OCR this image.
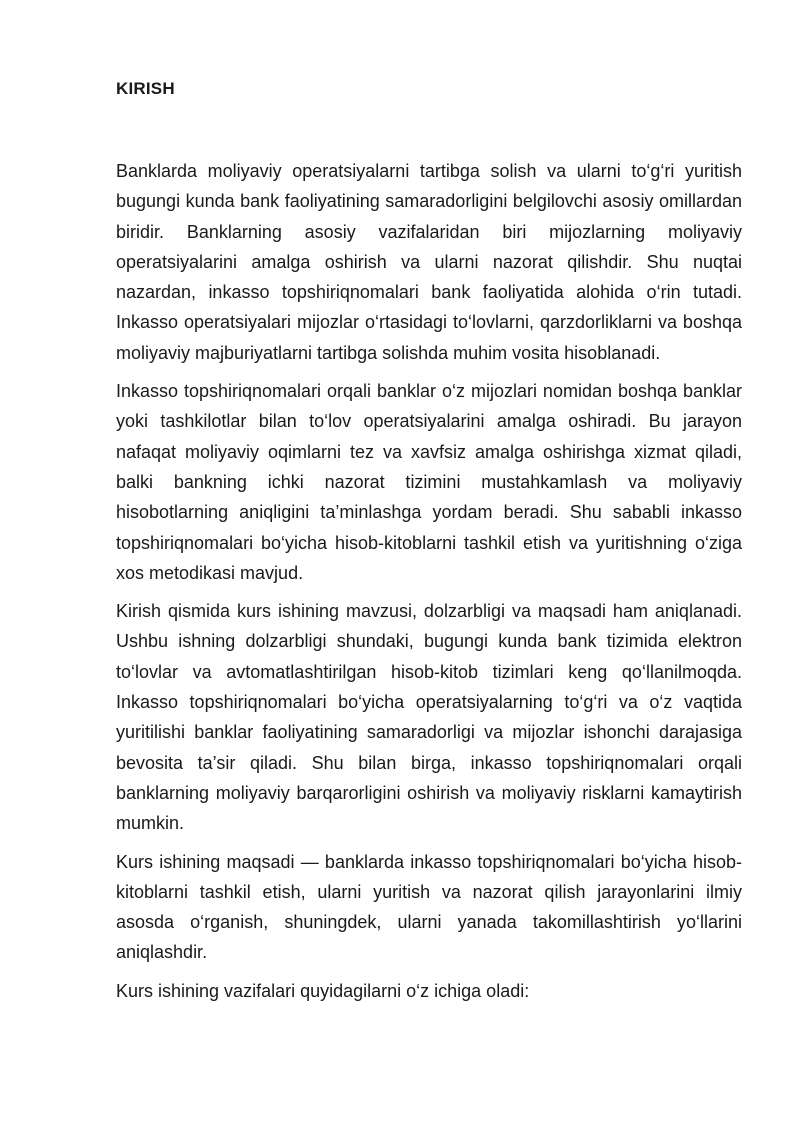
KIRISH

Banklarda moliyaviy operatsiyalarni tartibga solish va ularni to‘g‘ri yuritish bugungi kunda bank faoliyatining samaradorligini belgilovchi asosiy omillardan biridir. Banklarning asosiy vazifalaridan biri mijozlarning moliyaviy operatsiyalarini amalga oshirish va ularni nazorat qilishdir. Shu nuqtai nazardan, inkasso topshiriqnomalari bank faoliyatida alohida o‘rin tutadi. Inkasso operatsiyalari mijozlar o‘rtasidagi to‘lovlarni, qarzdorliklarni va boshqa moliyaviy majburiyatlarni tartibga solishda muhim vosita hisoblanadi.

Inkasso topshiriqnomalari orqali banklar o‘z mijozlari nomidan boshqa banklar yoki tashkilotlar bilan to‘lov operatsiyalarini amalga oshiradi. Bu jarayon nafaqat moliyaviy oqimlarni tez va xavfsiz amalga oshirishga xizmat qiladi, balki bankning ichki nazorat tizimini mustahkamlash va moliyaviy hisobotlarning aniqligini ta’minlashga yordam beradi. Shu sababli inkasso topshiriqnomalari bo‘yicha hisob-kitoblarni tashkil etish va yuritishning o‘ziga xos metodikasi mavjud.

Kirish qismida kurs ishining mavzusi, dolzarbligi va maqsadi ham aniqlanadi. Ushbu ishning dolzarbligi shundaki, bugungi kunda bank tizimida elektron to‘lovlar va avtomatlashtirilgan hisob-kitob tizimlari keng qo‘llanilmoqda. Inkasso topshiriqnomalari bo‘yicha operatsiyalarning to‘g‘ri va o‘z vaqtida yuritilishi banklar faoliyatining samaradorligi va mijozlar ishonchi darajasiga bevosita ta’sir qiladi. Shu bilan birga, inkasso topshiriqnomalari orqali banklarning moliyaviy barqarorligini oshirish va moliyaviy risklarni kamaytirish mumkin.

Kurs ishining maqsadi — banklarda inkasso topshiriqnomalari bo‘yicha hisob-kitoblarni tashkil etish, ularni yuritish va nazorat qilish jarayonlarini ilmiy asosda o‘rganish, shuningdek, ularni yanada takomillashtirish yo‘llarini aniqlashdir.

Kurs ishining vazifalari quyidagilarni o‘z ichiga oladi:
